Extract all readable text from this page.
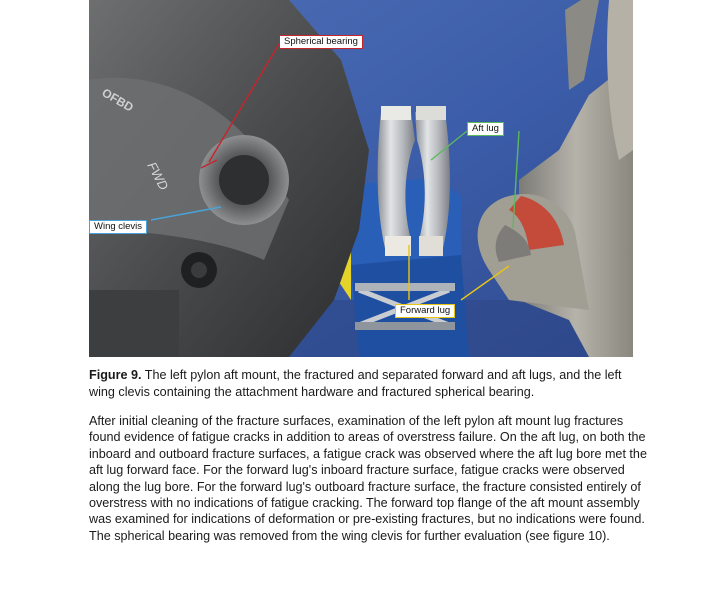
FWD
OFBD
Spherical bearing
Aft lug
Wing clevis
Forward lug

Figure 9. The left pylon aft mount, the fractured and separated forward and aft lugs, and the left wing clevis containing the attachment hardware and fractured spherical bearing.

After initial cleaning of the fracture surfaces, examination of the left pylon aft mount lug fractures found evidence of fatigue cracks in addition to areas of overstress failure. On the aft lug, on both the inboard and outboard fracture surfaces, a fatigue crack was observed where the aft lug bore met the aft lug forward face. For the forward lug's inboard fracture surface, fatigue cracks were observed along the lug bore. For the forward lug's outboard fracture surface, the fracture consisted entirely of overstress with no indications of fatigue cracking. The forward top flange of the aft mount assembly was examined for indications of deformation or pre-existing fractures, but no indications were found. The spherical bearing was removed from the wing clevis for further evaluation (see figure 10).
